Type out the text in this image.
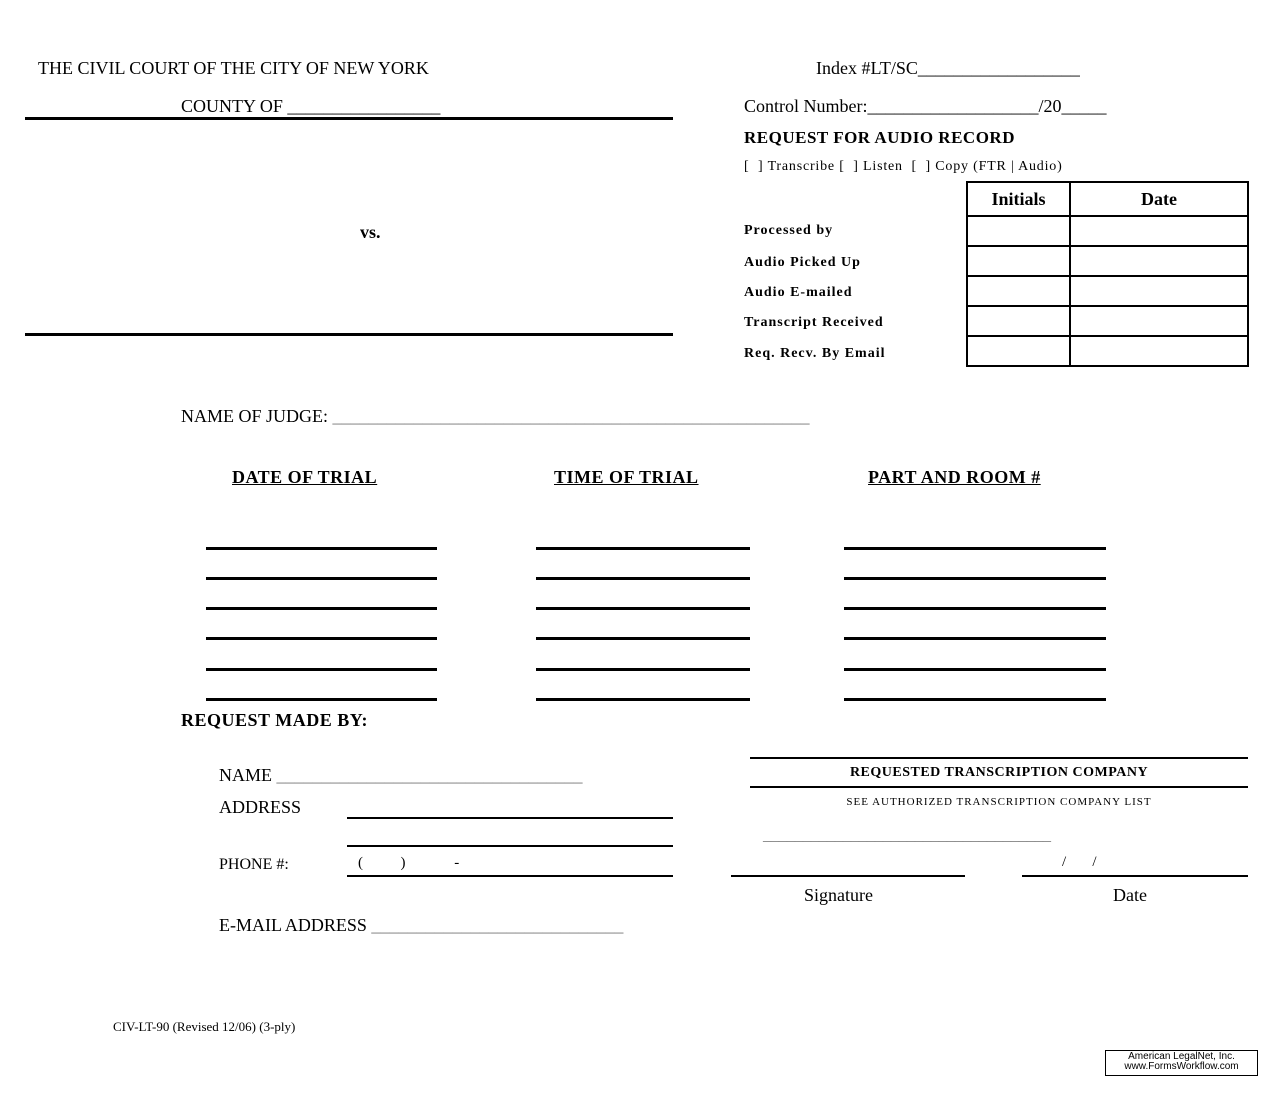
THE CIVIL COURT OF THE CITY OF NEW YORK
COUNTY OF _________________
vs.
Index #LT/SC__________________
Control Number:___________________/20_____
REQUEST FOR AUDIO RECORD
[  ] Transcribe [  ] Listen  [  ] Copy (FTR | Audio)
Initials	Date

Processed by
Audio Picked Up
Audio E-mailed
Transcript Received
Req. Recv. By Email
NAME OF JUDGE: _____________________________________________________
DATE OF TRIAL	TIME OF TRIAL	PART AND ROOM #
REQUEST MADE BY:
NAME __________________________________
ADDRESS
PHONE #:	(          )             -
E-MAIL ADDRESS ____________________________
REQUESTED TRANSCRIPTION COMPANY
SEE AUTHORIZED TRANSCRIPTION COMPANY LIST
____________________________________
/       /
Signature	Date
CIV-LT-90 (Revised 12/06) (3-ply)
American LegalNet, Inc.
www.FormsWorkflow.com
